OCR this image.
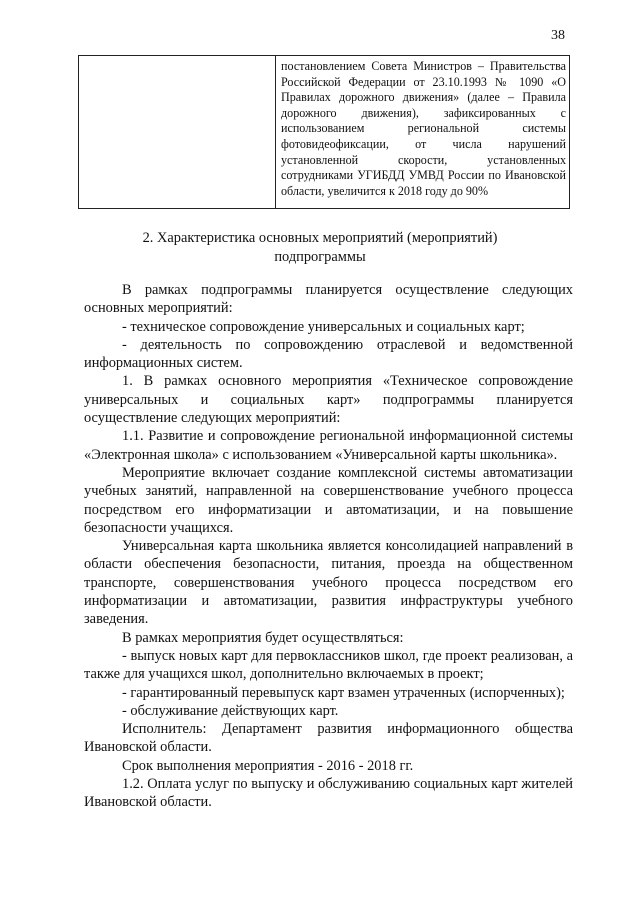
38
постановлением Совета Министров – Правительства Российской Федерации от 23.10.1993 № 1090 «О Правилах дорожного движения» (далее – Правила дорожного движения), зафиксированных с использованием региональной системы фотовидеофиксации, от числа нарушений установленной скорости, установленных сотрудниками УГИБДД УМВД России по Ивановской области, увеличится к 2018 году до 90%
2. Характеристика основных мероприятий (мероприятий)
подпрограммы

В рамках подпрограммы планируется осуществление следующих основных мероприятий:

- техническое сопровождение универсальных и социальных карт;

- деятельность по сопровождению отраслевой и ведомственной информационных систем.

1. В рамках основного мероприятия «Техническое сопровождение универсальных и социальных карт» подпрограммы планируется осуществление следующих мероприятий:

1.1. Развитие и сопровождение региональной информационной системы «Электронная школа» с использованием «Универсальной карты школьника».

Мероприятие включает создание комплексной системы автоматизации учебных занятий, направленной на совершенствование учебного процесса посредством его информатизации и автоматизации, и на повышение безопасности учащихся.

Универсальная карта школьника является консолидацией направлений в области обеспечения безопасности, питания, проезда на общественном транспорте, совершенствования учебного процесса посредством его информатизации и автоматизации, развития инфраструктуры учебного заведения.

В рамках мероприятия будет осуществляться:

- выпуск новых карт для первоклассников школ, где проект реализован, а также для учащихся школ, дополнительно включаемых в проект;

- гарантированный перевыпуск карт взамен утраченных (испорченных);

- обслуживание действующих карт.

Исполнитель: Департамент развития информационного общества Ивановской области.

Срок выполнения мероприятия - 2016 - 2018 гг.

1.2. Оплата услуг по выпуску и обслуживанию социальных карт жителей Ивановской области.
